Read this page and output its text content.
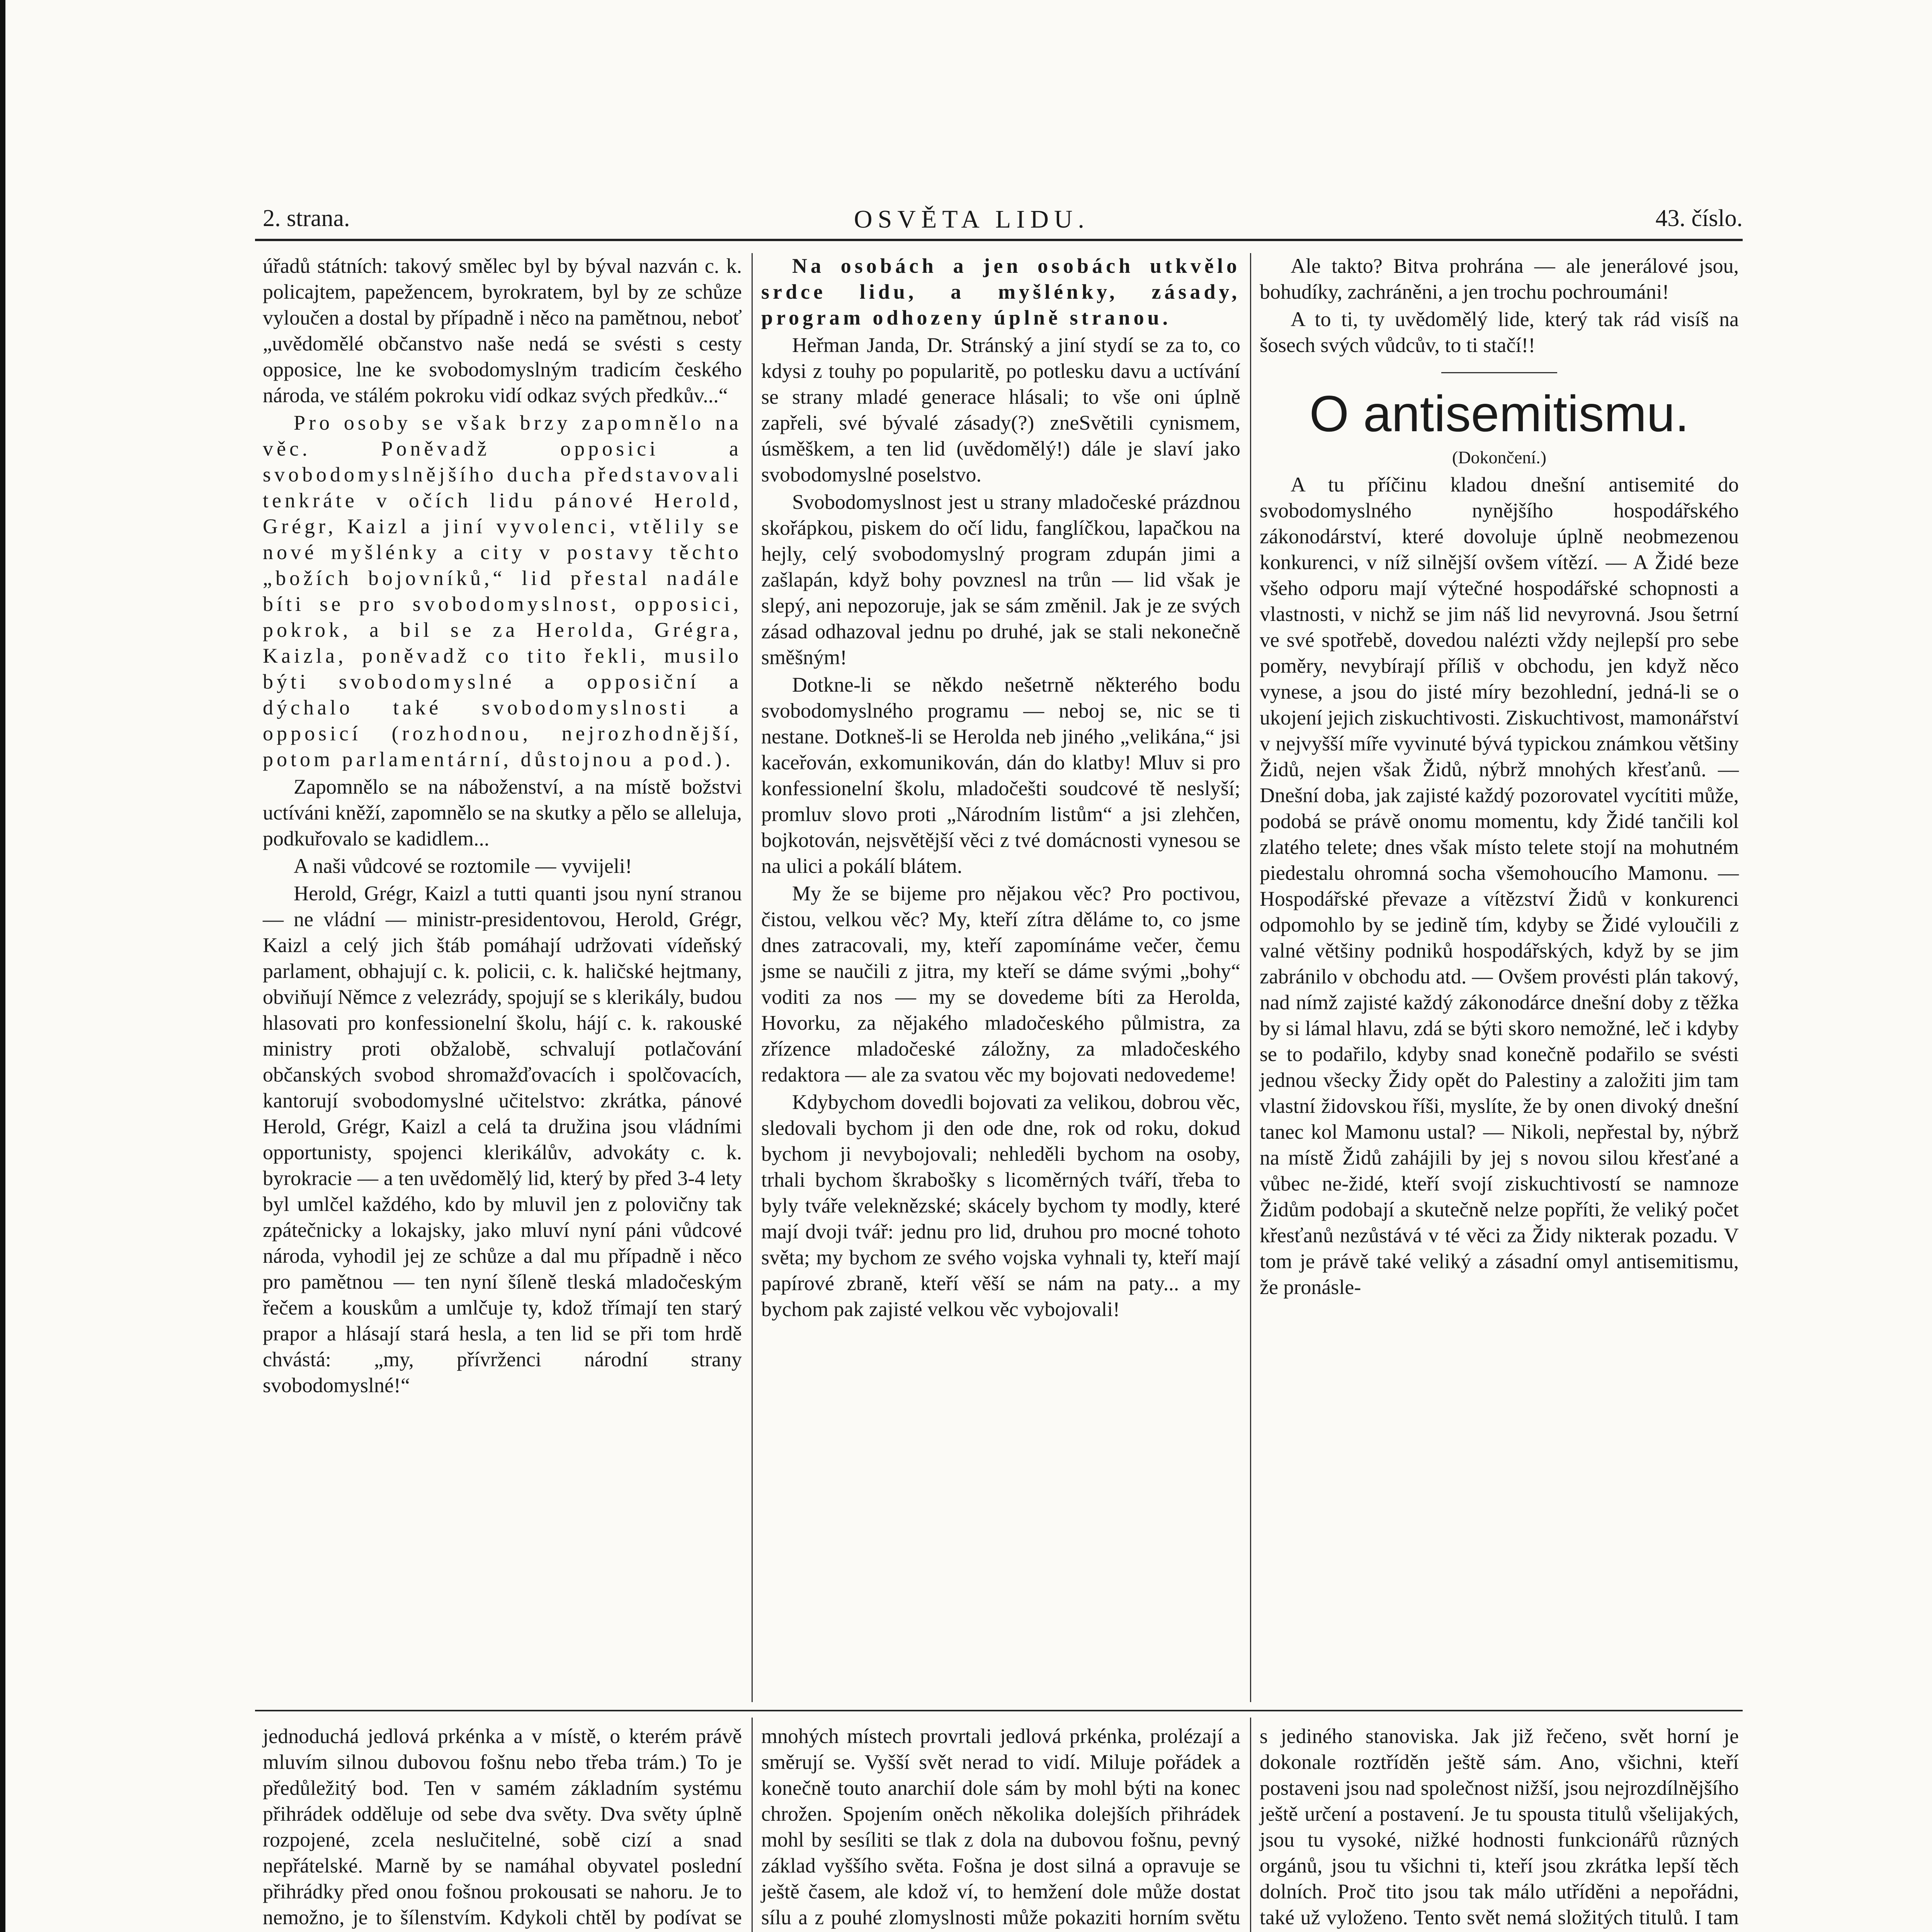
2. strana.	OSVĚTA LIDU.	43. číslo.

úřadů státních: takový smělec byl by býval nazván c. k. policajtem, papežencem, byrokratem, byl by ze schůze vyloučen a dostal by případně i něco na pamětnou, neboť „uvědomělé občanstvo naše nedá se svésti s cesty opposice, lne ke svobodomyslným tradicím českého národa, ve stálém pokroku vidí odkaz svých předkův...“

Pro osoby se však brzy zapomnělo na věc. Poněvadž opposici a svobodomyslnějšího ducha představovali tenkráte v očích lidu pánové Herold, Grégr, Kaizl a jiní vyvolenci, vtělily se nové myšlénky a city v postavy těchto „božích bojovníků,“ lid přestal nadále bíti se pro svobodomyslnost, opposici, pokrok, a bil se za Herolda, Grégra, Kaizla, poněvadž co tito řekli, musilo býti svobodomyslné a opposiční a dýchalo také svobodomyslnosti a opposicí (rozhodnou, nejrozhodnější, potom parlamentární, důstojnou a pod.).

Zapomnělo se na náboženství, a na místě božstvi uctíváni kněží, zapomnělo se na skutky a pělo se alleluja, podkuřovalo se kadidlem...

A naši vůdcové se roztomile — vyvijeli!

Herold, Grégr, Kaizl a tutti quanti jsou nyní stranou — ne vládní — ministr-presidentovou, Herold, Grégr, Kaizl a celý jich štáb pomáhají udržovati vídeňský parlament, obhajují c. k. policii, c. k. haličské hejtmany, obviňují Němce z velezrády, spojují se s klerikály, budou hlasovati pro konfessionelní školu, hájí c. k. rakouské ministry proti obžalobě, schvalují potlačování občanských svobod shromažďovacích i spolčovacích, kantorují svobodomyslné učitelstvo: zkrátka, pánové Herold, Grégr, Kaizl a celá ta družina jsou vládními opportunisty, spojenci klerikálův, advokáty c. k. byrokracie — a ten uvědomělý lid, který by před 3-4 lety byl umlčel každého, kdo by mluvil jen z polovičny tak zpátečnicky a lokajsky, jako mluví nyní páni vůdcové národa, vyhodil jej ze schůze a dal mu případně i něco pro pamětnou — ten nyní šíleně tleská mladočeským řečem a kouskům a umlčuje ty, kdož třímají ten starý prapor a hlásají stará hesla, a ten lid se při tom hrdě chvástá: „my, přívrženci národní strany svobodomyslné!“

Na osobách a jen osobách utkvělo srdce lidu, a myšlénky, zásady, program odhozeny úplně stranou.

Heřman Janda, Dr. Stránský a jiní stydí se za to, co kdysi z touhy po popularitě, po potlesku davu a uctívání se strany mladé generace hlásali; to vše oni úplně zapřeli, své bývalé zásady(?) zneSvětili cynismem, úsměškem, a ten lid (uvědomělý!) dále je slaví jako svobodomyslné poselstvo.

Svobodomyslnost jest u strany mladočeské prázdnou skořápkou, piskem do očí lidu, fanglíčkou, lapačkou na hejly, celý svobodomyslný program zdupán jimi a zašlapán, když bohy povznesl na trůn — lid však je slepý, ani nepozoruje, jak se sám změnil. Jak je ze svých zásad odhazoval jednu po druhé, jak se stali nekonečně směšným!

Dotkne-li se někdo nešetrně některého bodu svobodomyslného programu — neboj se, nic se ti nestane. Dotkneš-li se Herolda neb jiného „velikána,“ jsi kaceřován, exkomunikován, dán do klatby! Mluv si pro konfessionelní školu, mladočešti soudcové tě neslyší; promluv slovo proti „Národním listům“ a jsi zlehčen, bojkotován, nejsvětější věci z tvé domácnosti vynesou se na ulici a pokálí blátem.

My že se bijeme pro nějakou věc? Pro poctivou, čistou, velkou věc? My, kteří zítra děláme to, co jsme dnes zatracovali, my, kteří zapomínáme večer, čemu jsme se naučili z jitra, my kteří se dáme svými „bohy“ voditi za nos — my se dovedeme bíti za Herolda, Hovorku, za nějakého mladočeského půlmistra, za zřízence mladočeské záložny, za mladočeského redaktora — ale za svatou věc my bojovati nedovedeme!

Kdybychom dovedli bojovati za velikou, dobrou věc, sledovali bychom ji den ode dne, rok od roku, dokud bychom ji nevybojovali; nehleděli bychom na osoby, trhali bychom škrabošky s licoměrných tváří, třeba to byly tváře veleknězské; skácely bychom ty modly, které mají dvoji tvář: jednu pro lid, druhou pro mocné tohoto světa; my bychom ze svého vojska vyhnali ty, kteří mají papírové zbraně, kteří věší se nám na paty... a my bychom pak zajisté velkou věc vybojovali!

Ale takto? Bitva prohrána — ale jenerálové jsou, bohudíky, zachráněni, a jen trochu pochroumáni!

A to ti, ty uvědomělý lide, který tak rád visíš na šosech svých vůdcův, to ti stačí!!

O antisemitismu.

(Dokončení.)

A tu příčinu kladou dnešní antisemité do svobodomyslného nynějšího hospodářského zákonodárství, které dovoluje úplně neobmezenou konkurenci, v níž silnější ovšem vítězí. — A Židé beze všeho odporu mají výtečné hospodářské schopnosti a vlastnosti, v nichž se jim náš lid nevyrovná. Jsou šetrní ve své spotřebě, dovedou nalézti vždy nejlepší pro sebe poměry, nevybírají příliš v obchodu, jen když něco vynese, a jsou do jisté míry bezohlední, jedná-li se o ukojení jejich ziskuchtivosti. Ziskuchtivost, mamonářství v nejvyšší míře vyvinuté bývá typickou známkou většiny Židů, nejen však Židů, nýbrž mnohých křesťanů. — Dnešní doba, jak zajisté každý pozorovatel vycítiti může, podobá se právě onomu momentu, kdy Židé tančili kol zlatého telete; dnes však místo telete stojí na mohutném piedestalu ohromná socha všemohoucího Mamonu. — Hospodářské převaze a vítězství Židů v konkurenci odpomohlo by se jedině tím, kdyby se Židé vyloučili z valné většiny podniků hospodářských, když by se jim zabránilo v obchodu atd. — Ovšem provésti plán takový, nad nímž zajisté každý zákonodárce dnešní doby z těžka by si lámal hlavu, zdá se býti skoro nemožné, leč i kdyby se to podařilo, kdyby snad konečně podařilo se svésti jednou všecky Židy opět do Palestiny a založiti jim tam vlastní židovskou říši, myslíte, že by onen divoký dnešní tanec kol Mamonu ustal? — Nikoli, nepřestal by, nýbrž na místě Židů zahájili by jej s novou silou křesťané a vůbec ne-židé, kteří svojí ziskuchtivostí se namnoze Židům podobají a skutečně nelze popříti, že veliký počet křesťanů nezůstává v té věci za Židy nikterak pozadu. V tom je právě také veliký a zásadní omyl antisemitismu, že pronásle-

jednoduchá jedlová prkénka a v místě, o kterém právě mluvím silnou dubovou fošnu nebo třeba trám.) To je předůležitý bod. Ten v samém základním systému přihrádek odděluje od sebe dva světy. Dva světy úplně rozpojené, zcela neslučitelné, sobě cizí a snad nepřátelské. Marně by se namáhal obyvatel poslední přihrádky před onou fošnou prokousati se nahoru. Je to nemožno, je to šílenstvím. Kdykoli chtěl by podívat se

mnohých místech provrtali jedlová prkénka, prolézají a směrují se. Vyšší svět nerad to vidí. Miluje pořádek a konečně touto anarchií dole sám by mohl býti na konec chrožen. Spojením oněch několika dolejších přihrádek mohl by sesíliti se tlak z dola na dubovou fošnu, pevný základ vyššího světa. Fošna je dost silná a opravuje se ještě časem, ale kdož ví, to hemžení dole může dostat sílu a z pouhé zlomyslnosti může pokaziti horním světu

s jediného stanoviska. Jak již řečeno, svět horní je dokonale roztříděn ještě sám. Ano, všichni, kteří postaveni jsou nad společnost nižší, jsou nejrozdílnějšího ještě určení a postavení. Je tu spousta titulů všelijakých, jsou tu vysoké, nižké hodnosti funkcionářů různých orgánů, jsou tu všichni ti, kteří jsou zkrátka lepší těch dolních. Proč tito jsou tak málo utříděni a nepořádni, také už vyloženo. Tento svět nemá složitých titulů. I tam
